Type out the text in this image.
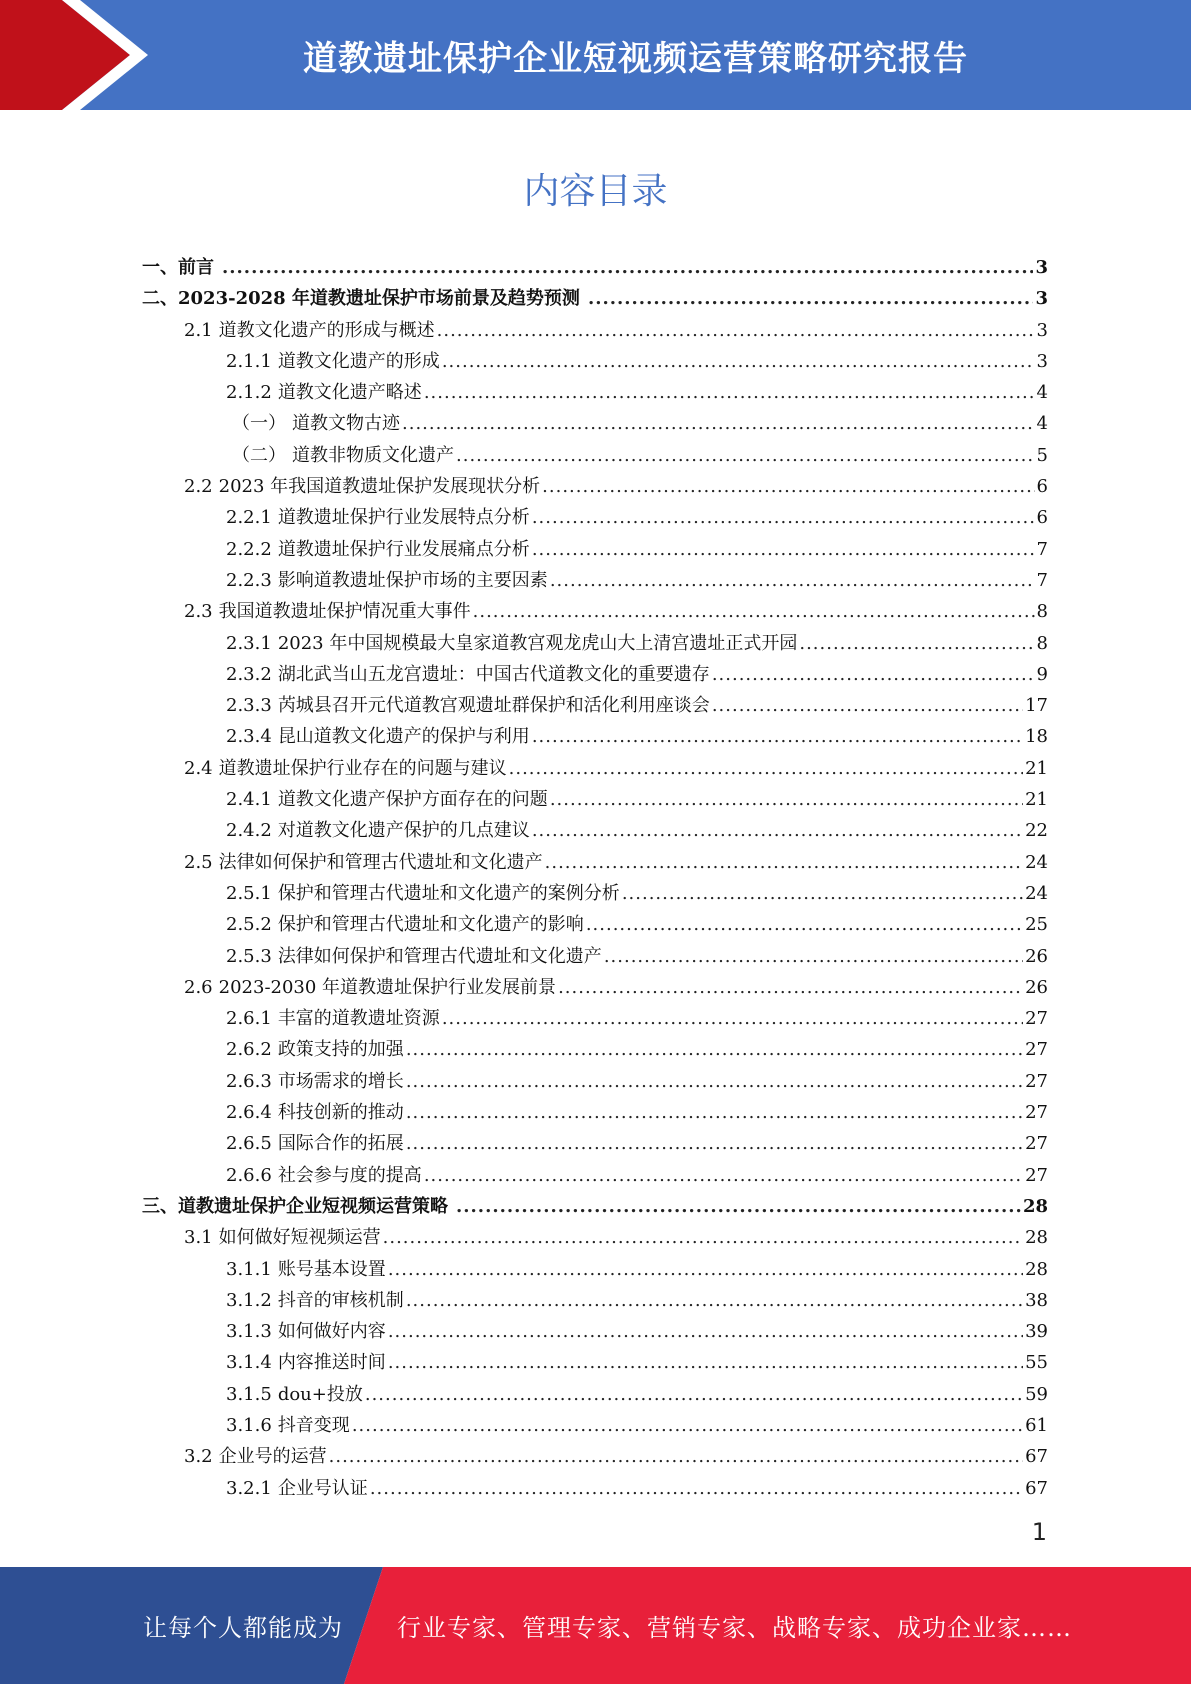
道教遗址保护企业短视频运营策略研究报告
内容目录
一、前言 .....	3
二、2023-2028 年道教遗址保护市场前景及趋势预测 .....	3
2.1 道教文化遗产的形成与概述 .....	3
2.1.1 道教文化遗产的形成 .....	3
2.1.2 道教文化遗产略述 .....	4
（一） 道教文物古迹 .....	4
（二） 道教非物质文化遗产 .....	5
2.2 2023 年我国道教遗址保护发展现状分析 .....	6
2.2.1 道教遗址保护行业发展特点分析 .....	6
2.2.2 道教遗址保护行业发展痛点分析 .....	7
2.2.3 影响道教遗址保护市场的主要因素 .....	7
2.3 我国道教遗址保护情况重大事件 .....	8
2.3.1 2023 年中国规模最大皇家道教宫观龙虎山大上清宫遗址正式开园 .....	8
2.3.2 湖北武当山五龙宫遗址：中国古代道教文化的重要遗存 .....	9
2.3.3 芮城县召开元代道教宫观遗址群保护和活化利用座谈会 .....	17
2.3.4 昆山道教文化遗产的保护与利用 .....	18
2.4 道教遗址保护行业存在的问题与建议 .....	21
2.4.1 道教文化遗产保护方面存在的问题 .....	21
2.4.2 对道教文化遗产保护的几点建议 .....	22
2.5 法律如何保护和管理古代遗址和文化遗产 .....	24
2.5.1 保护和管理古代遗址和文化遗产的案例分析 .....	24
2.5.2 保护和管理古代遗址和文化遗产的影响 .....	25
2.5.3 法律如何保护和管理古代遗址和文化遗产 .....	26
2.6 2023-2030 年道教遗址保护行业发展前景 .....	26
2.6.1 丰富的道教遗址资源 .....	27
2.6.2 政策支持的加强 .....	27
2.6.3 市场需求的增长 .....	27
2.6.4 科技创新的推动 .....	27
2.6.5 国际合作的拓展 .....	27
2.6.6 社会参与度的提高 .....	27
三、道教遗址保护企业短视频运营策略 .....	28
3.1 如何做好短视频运营 .....	28
3.1.1 账号基本设置 .....	28
3.1.2 抖音的审核机制 .....	38
3.1.3 如何做好内容 .....	39
3.1.4 内容推送时间 .....	55
3.1.5 dou+投放 .....	59
3.1.6 抖音变现 .....	61
3.2 企业号的运营 .....	67
3.2.1 企业号认证 .....	67
1
让每个人都能成为 行业专家、管理专家、营销专家、战略专家、成功企业家……
